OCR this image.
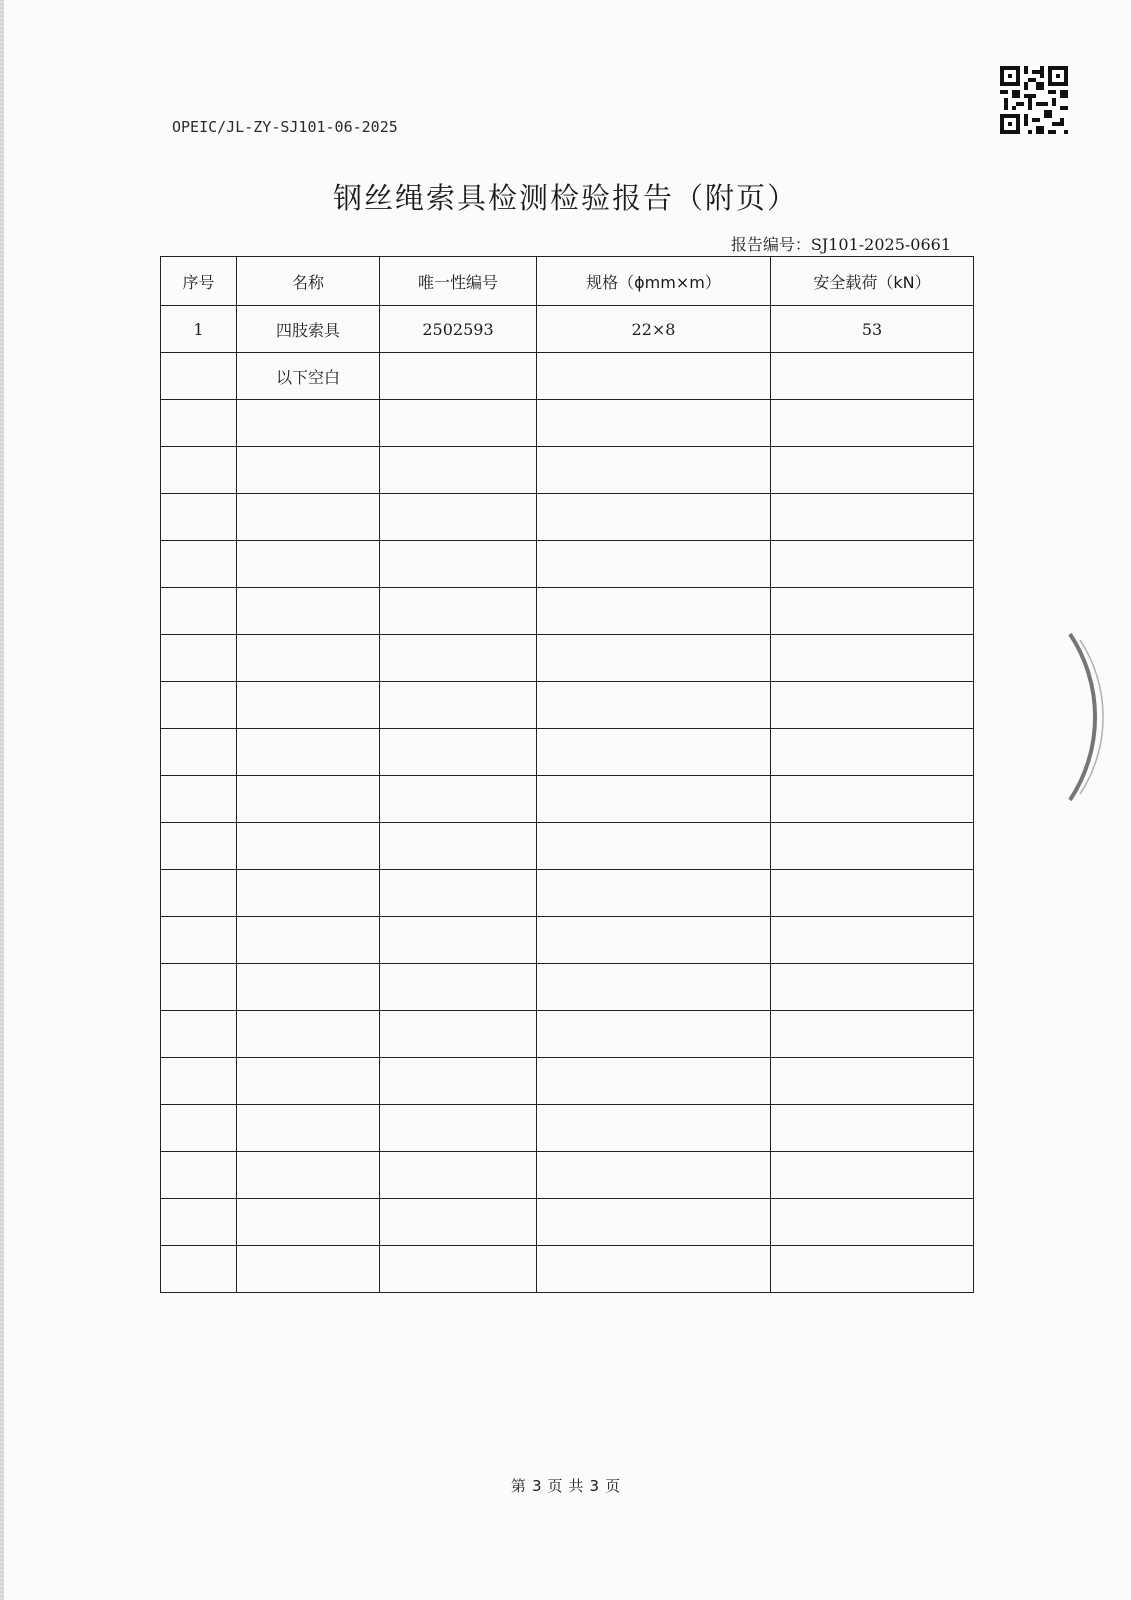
OPEIC/JL-ZY-SJ101-06-2025
钢丝绳索具检测检验报告（附页）
报告编号：SJ101-2025-0661
序号	名称	唯一性编号	规格（ϕmm×m）	安全载荷（kN）
1	四肢索具	2502593	22×8	53
	以下空白			

第 3 页 共 3 页
